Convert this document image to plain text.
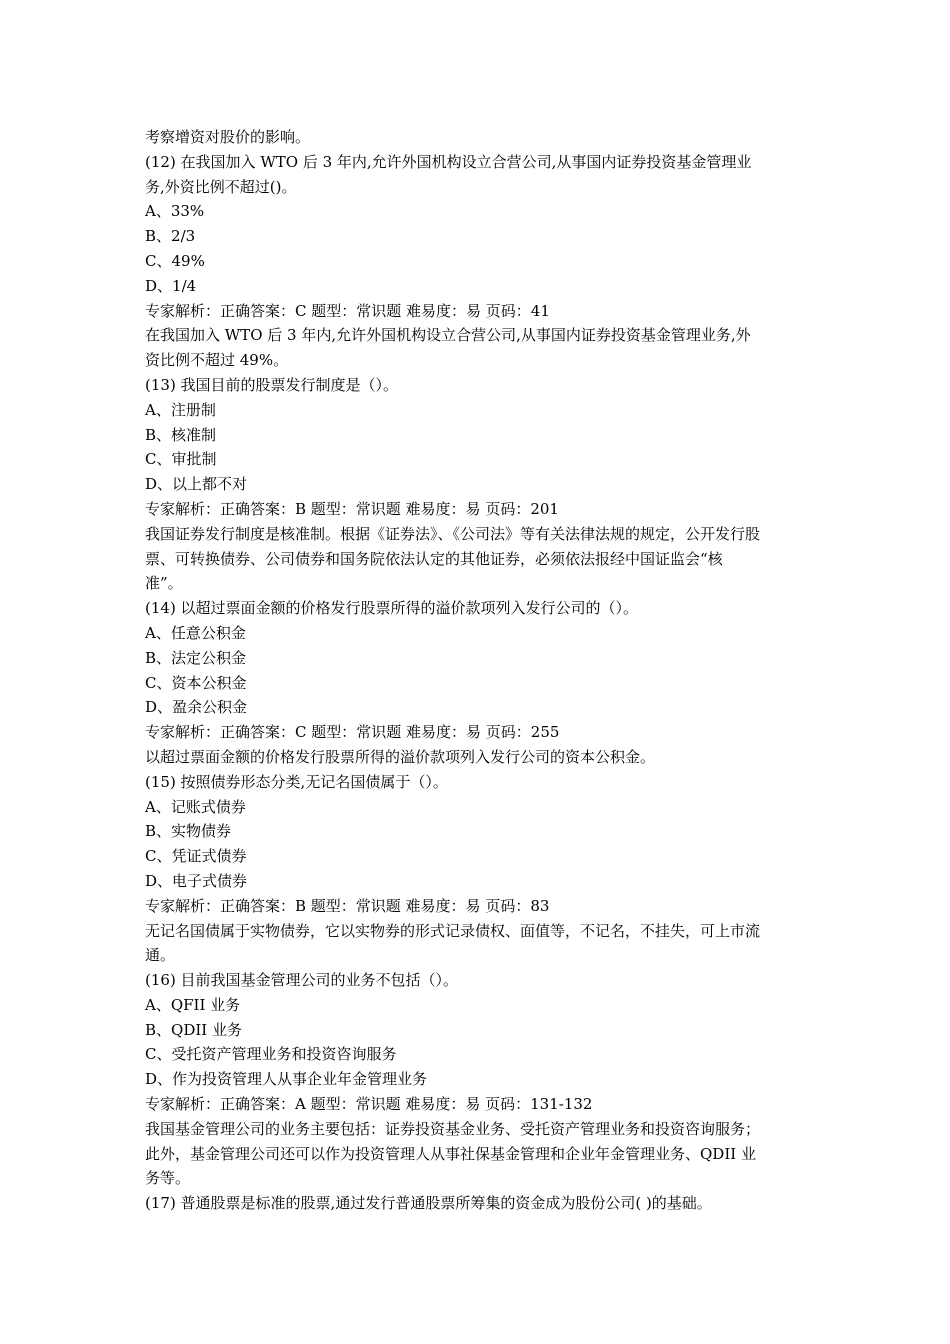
考察增资对股价的影响。

(12) 在我国加入 WTO 后 3 年内,允许外国机构设立合营公司,从事国内证券投资基金管理业

务,外资比例不超过()。

A、33%

B、2/3

C、49%

D、1/4

专家解析：正确答案：C 题型：常识题 难易度：易 页码：41

在我国加入 WTO 后 3 年内,允许外国机构设立合营公司,从事国内证券投资基金管理业务,外

资比例不超过 49%。

(13) 我国目前的股票发行制度是（）。

A、注册制

B、核准制

C、审批制

D、以上都不对

专家解析：正确答案：B 题型：常识题 难易度：易 页码：201

我国证券发行制度是核准制。根据《证券法》、《公司法》等有关法律法规的规定，公开发行股

票、可转换债券、公司债券和国务院依法认定的其他证券，必须依法报经中国证监会“核

准”。

(14) 以超过票面金额的价格发行股票所得的溢价款项列入发行公司的（）。

A、任意公积金

B、法定公积金

C、资本公积金

D、盈余公积金

专家解析：正确答案：C 题型：常识题 难易度：易 页码：255

以超过票面金额的价格发行股票所得的溢价款项列入发行公司的资本公积金。

(15) 按照债券形态分类,无记名国债属于（）。

A、记账式债券

B、实物债券

C、凭证式债券

D、电子式债券

专家解析：正确答案：B 题型：常识题 难易度：易 页码：83

无记名国债属于实物债券，它以实物券的形式记录债权、面值等，不记名，不挂失，可上市流

通。

(16) 目前我国基金管理公司的业务不包括（）。

A、QFII 业务

B、QDII 业务

C、受托资产管理业务和投资咨询服务

D、作为投资管理人从事企业年金管理业务

专家解析：正确答案：A 题型：常识题 难易度：易 页码：131-132

我国基金管理公司的业务主要包括：证券投资基金业务、受托资产管理业务和投资咨询服务；

此外，基金管理公司还可以作为投资管理人从事社保基金管理和企业年金管理业务、QDII 业

务等。

(17) 普通股票是标准的股票,通过发行普通股票所筹集的资金成为股份公司( )的基础。
